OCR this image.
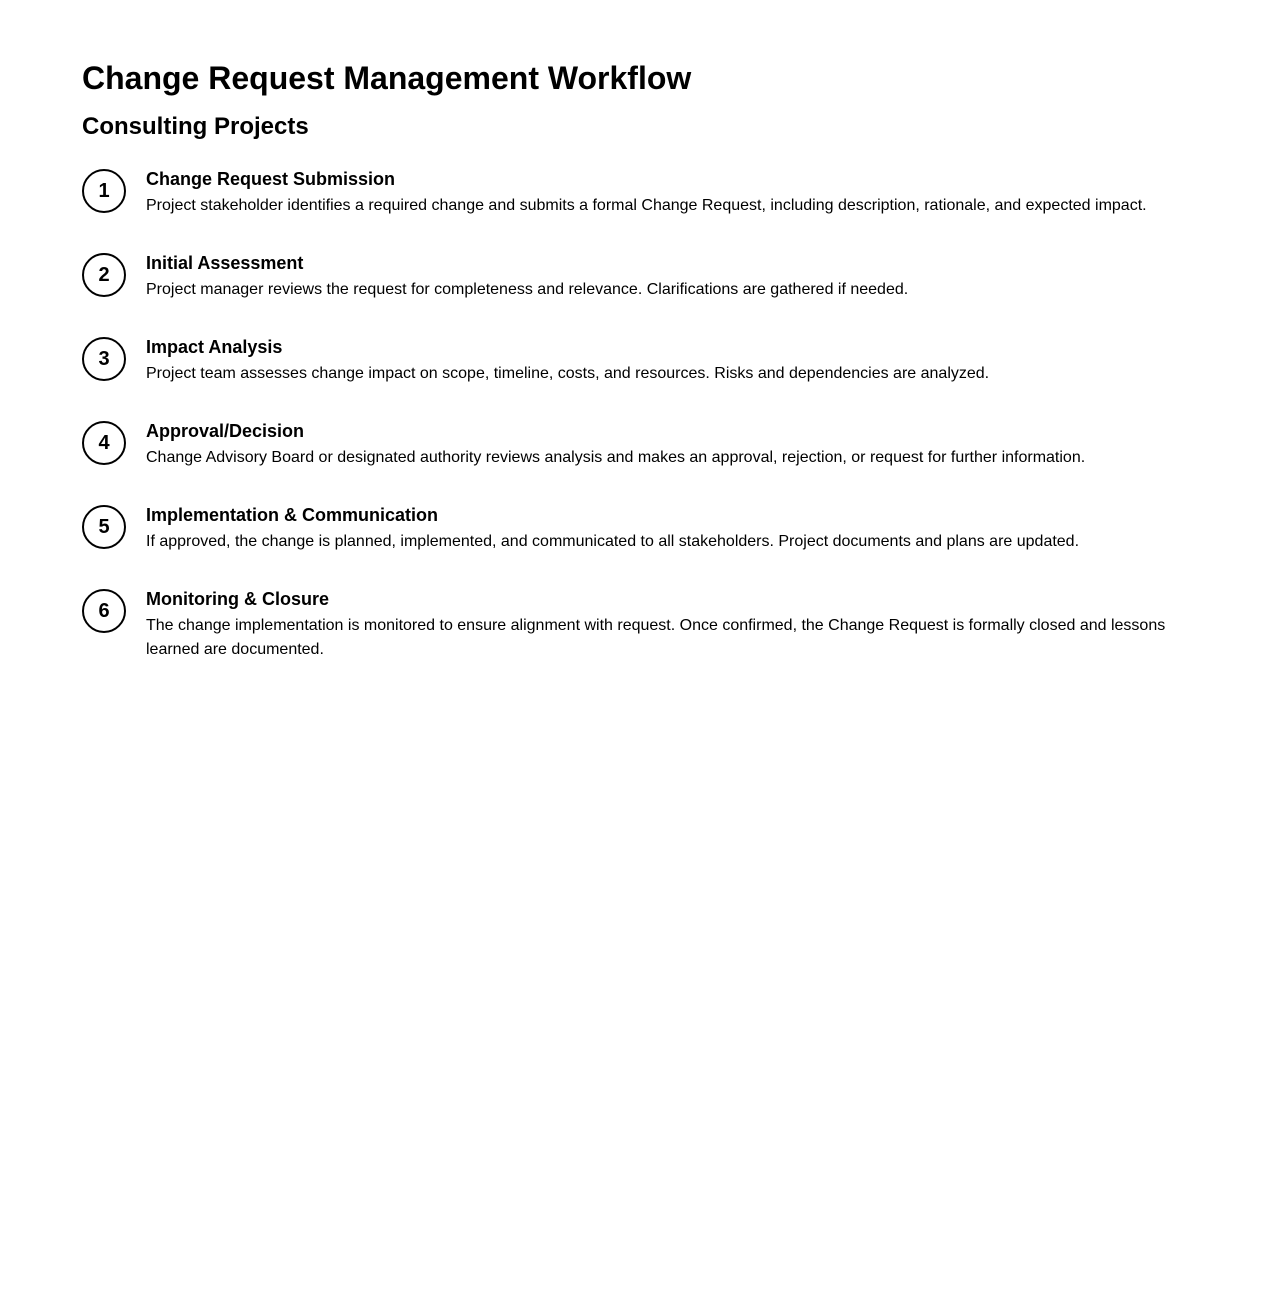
Change Request Management Workflow
Consulting Projects
1
Change Request Submission
Project stakeholder identifies a required change and submits a formal Change Request, including description, rationale, and expected impact.
2
Initial Assessment
Project manager reviews the request for completeness and relevance. Clarifications are gathered if needed.
3
Impact Analysis
Project team assesses change impact on scope, timeline, costs, and resources. Risks and dependencies are analyzed.
4
Approval/Decision
Change Advisory Board or designated authority reviews analysis and makes an approval, rejection, or request for further information.
5
Implementation & Communication
If approved, the change is planned, implemented, and communicated to all stakeholders. Project documents and plans are updated.
6
Monitoring & Closure
The change implementation is monitored to ensure alignment with request. Once confirmed, the Change Request is formally closed and lessons learned are documented.
